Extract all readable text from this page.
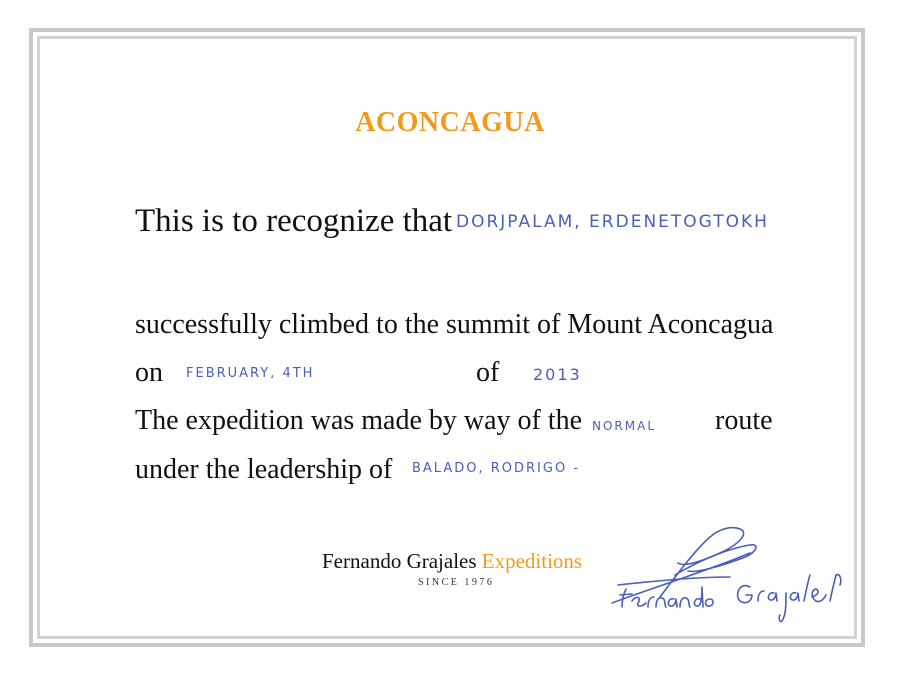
ACONCAGUA
This is to recognize that DORJPALAM, ERDENETOGTOKH
successfully climbed to the summit of Mount Aconcagua
on FEBRUARY, 4TH	of 2013
The expedition was made by way of the NORMAL route
under the leadership of BALADO, RODRIGO -
Fernando Grajales Expeditions
SINCE 1976
